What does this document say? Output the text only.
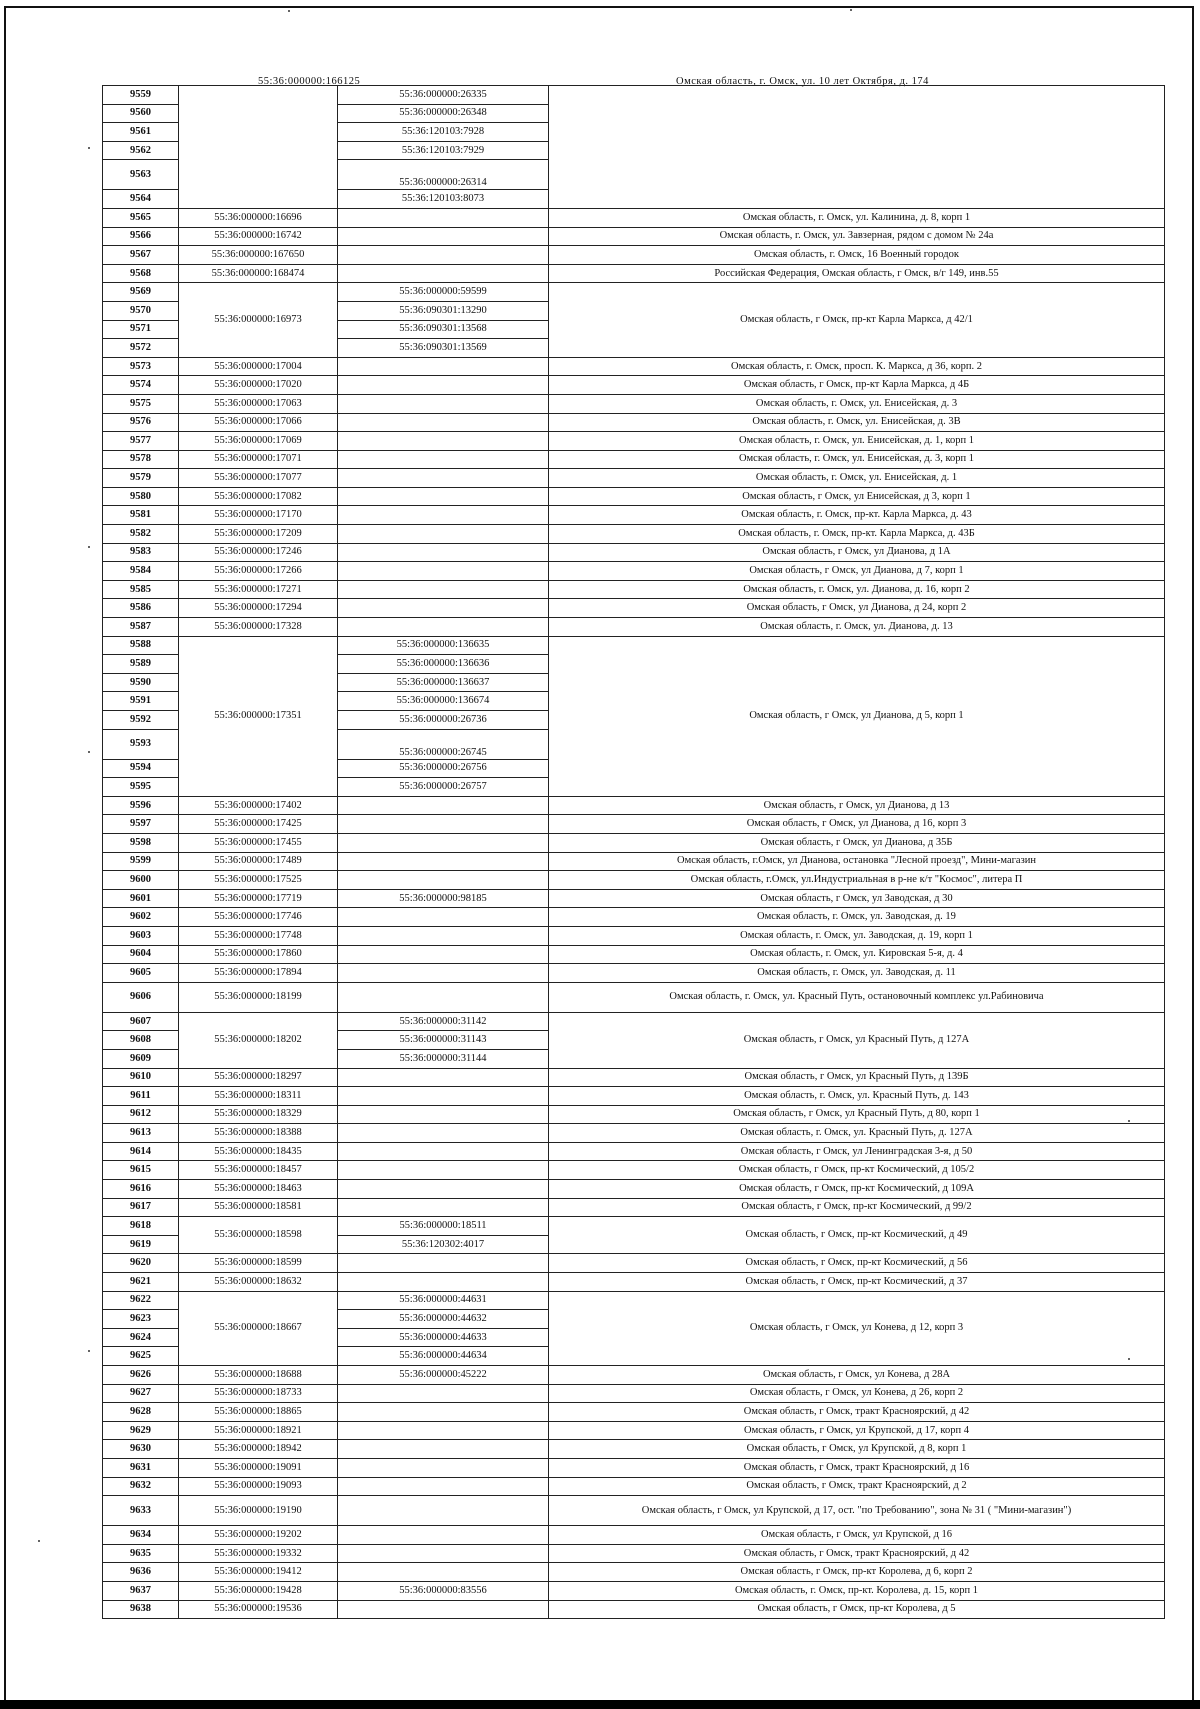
55:36:000000:166125	Омская область, г. Омск, ул. 10 лет Октября, д. 174
9559		55:36:000000:26335	
9560		55:36:000000:26348	
9561		55:36:120103:7928	
9562		55:36:120103:7929	
9563		55:36:000000:26314	
9564		55:36:120103:8073	
9565	55:36:000000:16696		Омская область, г. Омск, ул. Калинина, д. 8, корп 1
9566	55:36:000000:16742		Омская область, г. Омск, ул. Завзерная, рядом с домом № 24а
9567	55:36:000000:167650		Омская область, г. Омск, 16 Военный городок
9568	55:36:000000:168474		Российская Федерация, Омская область, г Омск, в/г 149, инв.55
9569	55:36:000000:16973	55:36:000000:59599	Омская область, г Омск, пр-кт Карла Маркса, д 42/1
9570		55:36:090301:13290	
9571		55:36:090301:13568	
9572		55:36:090301:13569	
9573	55:36:000000:17004		Омская область, г. Омск, просп. К. Маркса, д 36, корп. 2
9574	55:36:000000:17020		Омская область, г Омск, пр-кт Карла Маркса, д 4Б
9575	55:36:000000:17063		Омская область, г. Омск, ул. Енисейская, д. 3
9576	55:36:000000:17066		Омская область, г. Омск, ул. Енисейская, д. 3В
9577	55:36:000000:17069		Омская область, г. Омск, ул. Енисейская, д. 1, корп 1
9578	55:36:000000:17071		Омская область, г. Омск, ул. Енисейская, д. 3, корп 1
9579	55:36:000000:17077		Омская область, г. Омск, ул. Енисейская, д. 1
9580	55:36:000000:17082		Омская область, г Омск, ул Енисейская, д 3, корп 1
9581	55:36:000000:17170		Омская область, г. Омск, пр-кт. Карла Маркса, д. 43
9582	55:36:000000:17209		Омская область, г. Омск, пр-кт. Карла Маркса, д. 43Б
9583	55:36:000000:17246		Омская область, г Омск, ул Дианова, д 1А
9584	55:36:000000:17266		Омская область, г Омск, ул Дианова, д 7, корп 1
9585	55:36:000000:17271		Омская область, г. Омск, ул. Дианова, д. 16, корп 2
9586	55:36:000000:17294		Омская область, г Омск, ул Дианова, д 24, корп 2
9587	55:36:000000:17328		Омская область, г. Омск, ул. Дианова, д. 13
9588	55:36:000000:17351	55:36:000000:136635	Омская область, г Омск, ул Дианова, д 5, корп 1
9589		55:36:000000:136636	
9590		55:36:000000:136637	
9591		55:36:000000:136674	
9592		55:36:000000:26736	
9593		55:36:000000:26745	
9594		55:36:000000:26756	
9595		55:36:000000:26757	
9596	55:36:000000:17402		Омская область, г Омск, ул Дианова, д 13
9597	55:36:000000:17425		Омская область, г Омск, ул Дианова, д 16, корп 3
9598	55:36:000000:17455		Омская область, г Омск, ул Дианова, д 35Б
9599	55:36:000000:17489		Омская область, г.Омск, ул Дианова, остановка "Лесной проезд", Мини-магазин
9600	55:36:000000:17525		Омская область, г.Омск, ул.Индустриальная в р-не к/т "Космос", литера П
9601	55:36:000000:17719	55:36:000000:98185	Омская область, г Омск, ул Заводская, д 30
9602	55:36:000000:17746		Омская область, г. Омск, ул. Заводская, д. 19
9603	55:36:000000:17748		Омская область, г. Омск, ул. Заводская, д. 19, корп 1
9604	55:36:000000:17860		Омская область, г. Омск, ул. Кировская 5-я, д. 4
9605	55:36:000000:17894		Омская область, г. Омск, ул. Заводская, д. 11
9606	55:36:000000:18199		Омская область, г. Омск, ул. Красный Путь, остановочный комплекс ул.Рабиновича
9607	55:36:000000:18202	55:36:000000:31142	Омская область, г Омск, ул Красный Путь, д 127А
9608		55:36:000000:31143	
9609		55:36:000000:31144	
9610	55:36:000000:18297		Омская область, г Омск, ул Красный Путь, д 139Б
9611	55:36:000000:18311		Омская область, г. Омск, ул. Красный Путь, д. 143
9612	55:36:000000:18329		Омская область, г Омск, ул Красный Путь, д 80, корп 1
9613	55:36:000000:18388		Омская область, г. Омск, ул. Красный Путь, д. 127А
9614	55:36:000000:18435		Омская область, г Омск, ул Ленинградская 3-я, д 50
9615	55:36:000000:18457		Омская область, г Омск, пр-кт Космический, д 105/2
9616	55:36:000000:18463		Омская область, г Омск, пр-кт Космический, д 109А
9617	55:36:000000:18581		Омская область, г Омск, пр-кт Космический, д 99/2
9618	55:36:000000:18598	55:36:000000:18511	Омская область, г Омск, пр-кт Космический, д 49
9619		55:36:120302:4017	
9620	55:36:000000:18599		Омская область, г Омск, пр-кт Космический, д 56
9621	55:36:000000:18632		Омская область, г Омск, пр-кт Космический, д 37
9622	55:36:000000:18667	55:36:000000:44631	Омская область, г Омск, ул Конева, д 12, корп 3
9623		55:36:000000:44632	
9624		55:36:000000:44633	
9625		55:36:000000:44634	
9626	55:36:000000:18688	55:36:000000:45222	Омская область, г Омск, ул Конева, д 28А
9627	55:36:000000:18733		Омская область, г Омск, ул Конева, д 26, корп 2
9628	55:36:000000:18865		Омская область, г Омск, тракт Красноярский, д 42
9629	55:36:000000:18921		Омская область, г Омск, ул Крупской, д 17, корп 4
9630	55:36:000000:18942		Омская область, г Омск, ул Крупской, д 8, корп 1
9631	55:36:000000:19091		Омская область, г Омск, тракт Красноярский, д 16
9632	55:36:000000:19093		Омская область, г Омск, тракт Красноярский, д 2
9633	55:36:000000:19190		Омская область, г Омск, ул Крупской, д 17, ост. "по Требованию", зона № 31 ( "Мини-магазин")
9634	55:36:000000:19202		Омская область, г Омск, ул Крупской, д 16
9635	55:36:000000:19332		Омская область, г Омск, тракт Красноярский, д 42
9636	55:36:000000:19412		Омская область, г Омск, пр-кт Королева, д 6, корп 2
9637	55:36:000000:19428	55:36:000000:83556	Омская область, г. Омск, пр-кт. Королева, д. 15, корп 1
9638	55:36:000000:19536		Омская область, г Омск, пр-кт Королева, д 5
